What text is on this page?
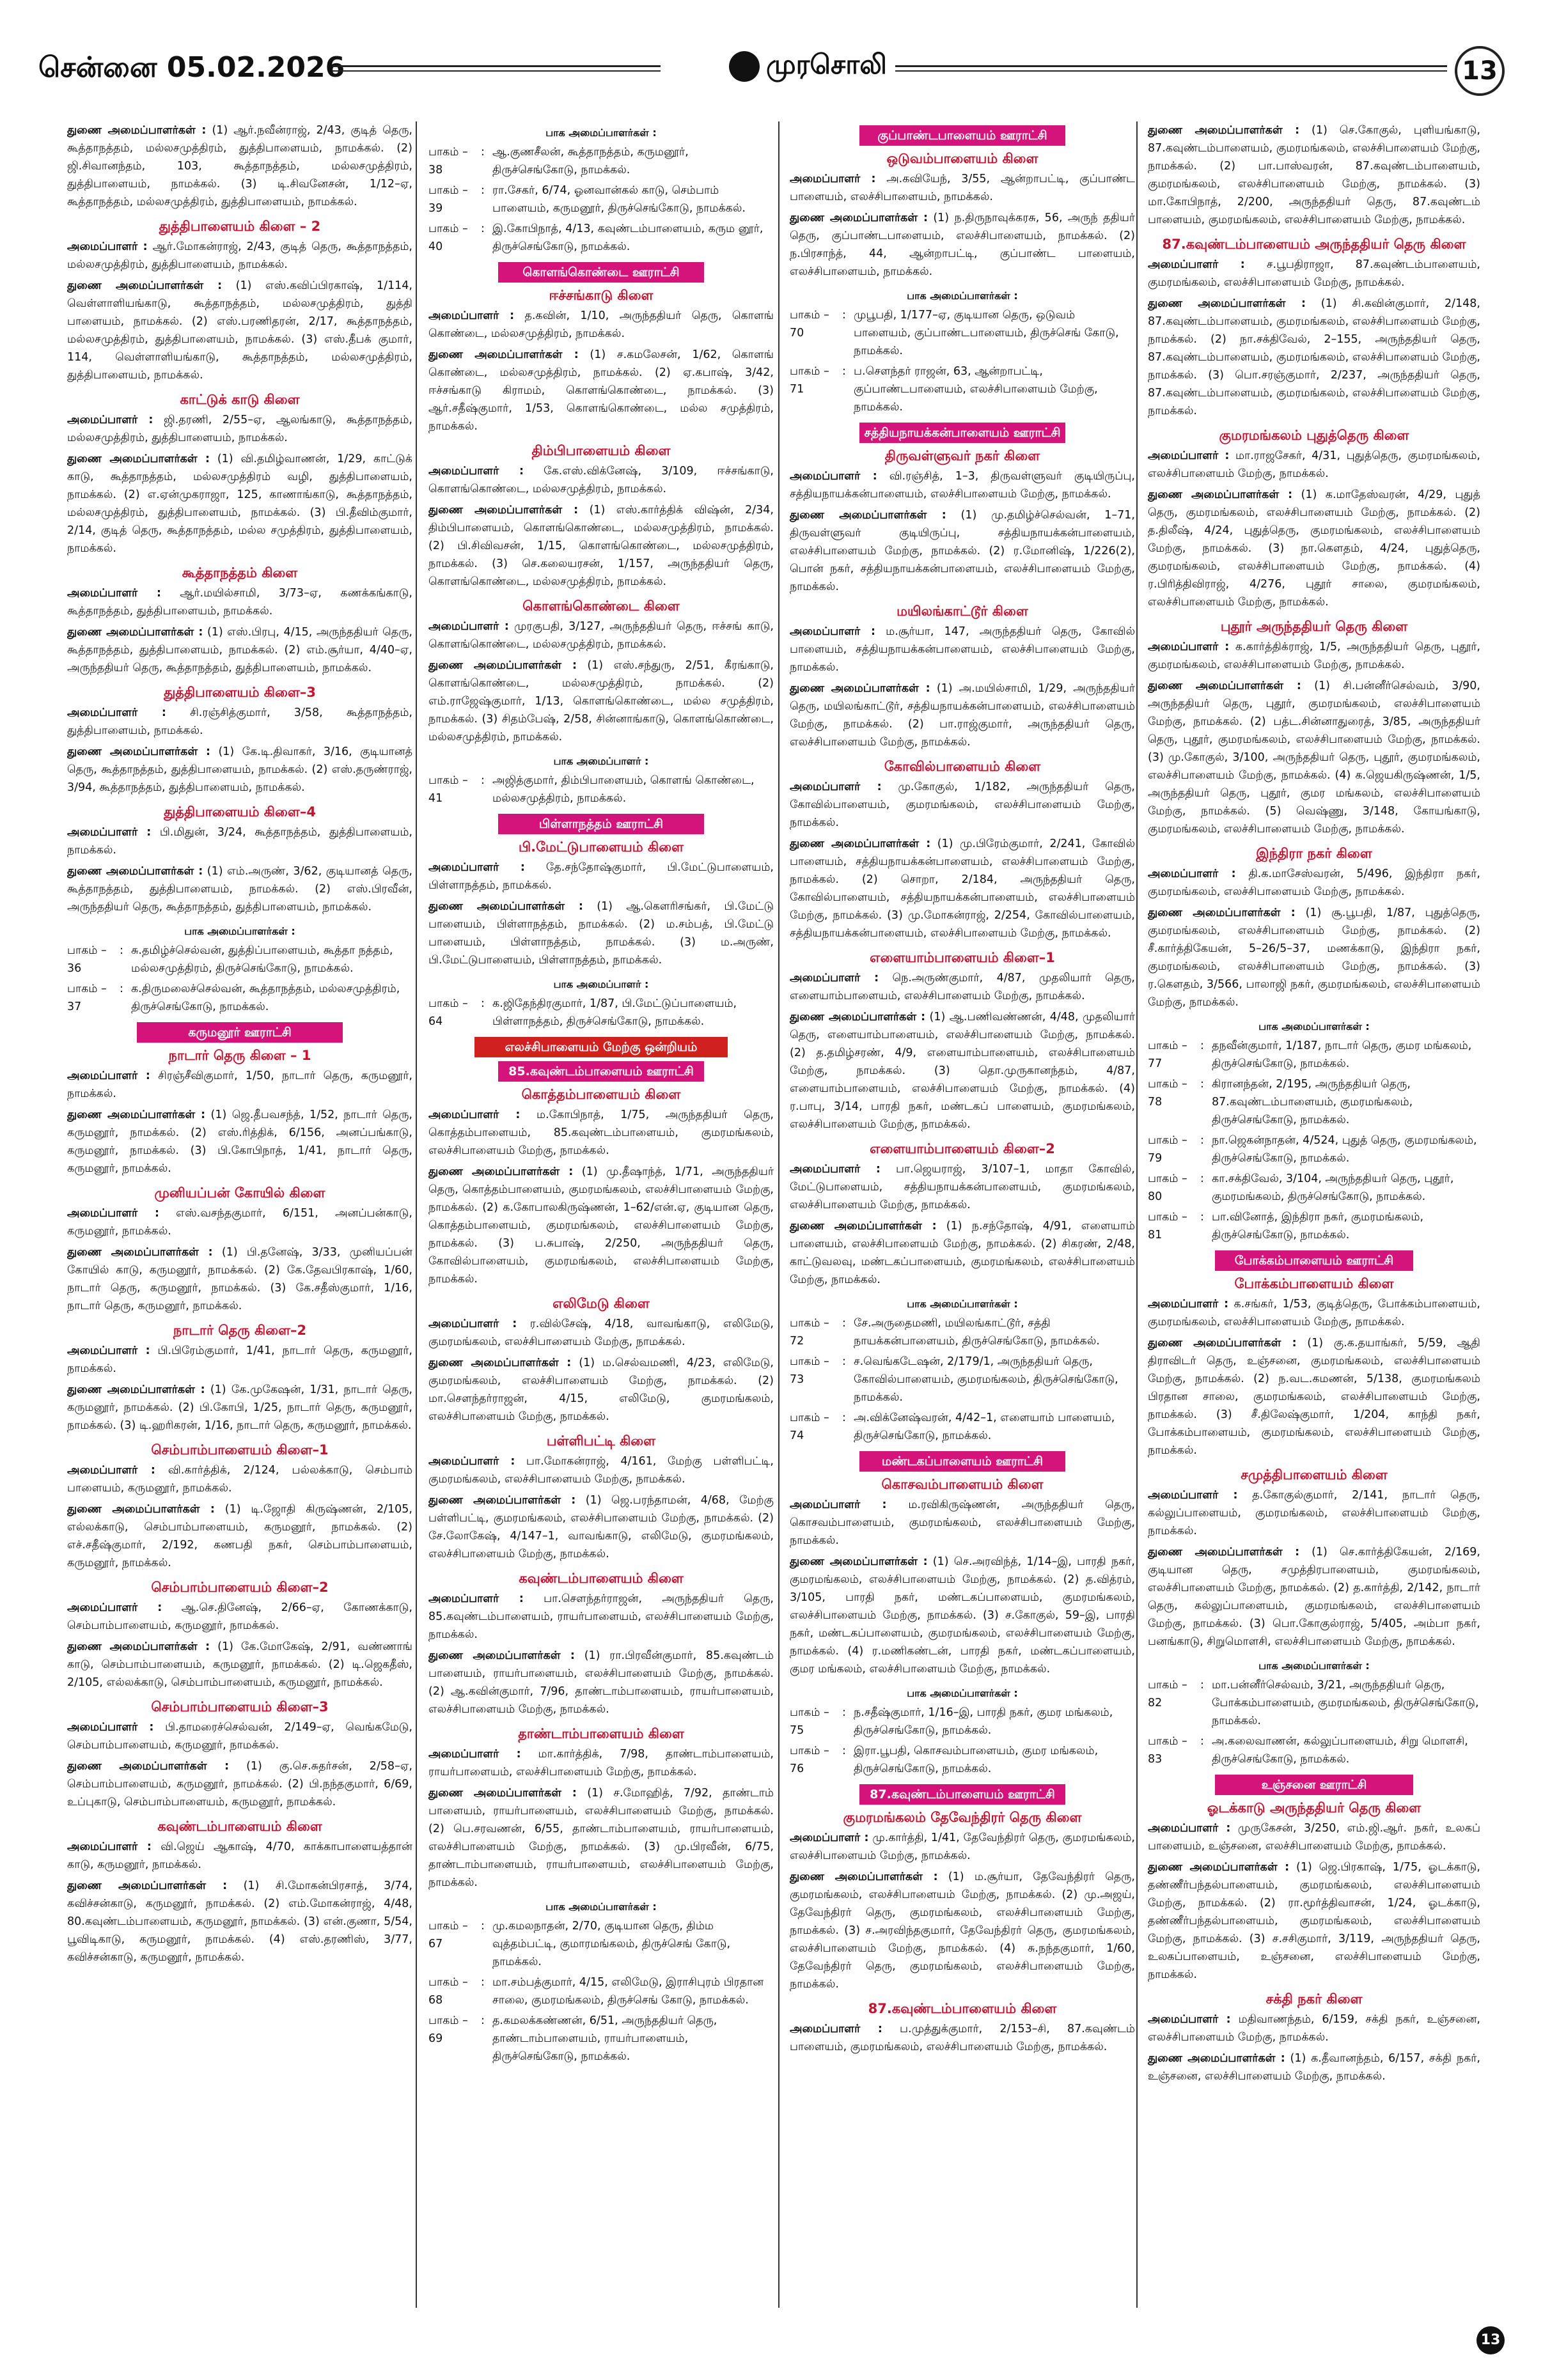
சென்னை 05.02.2026	முரசொலி	13

துணை அமைப்பாளர்கள் : (1) ஆர்.நவீன்ராஜ், 2/43, குடித் தெரு, கூத்தாநத்தம், மல்லசமுத்திரம், துத்திபாளையம், நாமக்கல். (2) ஜி.சிவானந்தம், 103, கூத்தாநத்தம், மல்லசமுத்திரம், துத்திபாளையம், நாமக்கல். (3) டி.சிவனேசன், 1/12–ஏ, கூத்தாநத்தம், மல்லசமுத்திரம், துத்திபாளையம், நாமக்கல்.

துத்திபாளையம் கிளை – 2

அமைப்பாளர் : ஆர்.மோகன்ராஜ், 2/43, குடித் தெரு, கூத்தாநத்தம், மல்லசமுத்திரம், துத்திபாளையம், நாமக்கல்.

துணை அமைப்பாளர்கள் : (1) எஸ்.கவிப்பிரகாஷ், 1/114, வெள்ளாளியங்காடு, கூத்தாநத்தம், மல்லசமுத்திரம், துத்தி பாளையம், நாமக்கல். (2) எஸ்.பரணிதரன், 2/17, கூத்தாநத்தம், மல்லசமுத்திரம், துத்திபாளையம், நாமக்கல். (3) எஸ்.தீபக் குமார், 114, வெள்ளாளியங்காடு, கூத்தாநத்தம், மல்லசமுத்திரம், துத்திபாளையம், நாமக்கல்.

காட்டுக் காடு கிளை

அமைப்பாளர் : ஜி.தரணி, 2/55–ஏ, ஆலங்காடு, கூத்தாநத்தம், மல்லசமுத்திரம், துத்திபாளையம், நாமக்கல்.

துணை அமைப்பாளர்கள் : (1) வி.தமிழ்வாணன், 1/29, காட்டுக் காடு, கூத்தாநத்தம், மல்லசமுத்திரம் வழி, துத்திபாளையம், நாமக்கல். (2) எ.ஏன்முகராஜா, 125, காணாங்காடு, கூத்தாநத்தம், மல்லசமுத்திரம், துத்திபாளையம், நாமக்கல். (3) பி.தீவிம்குமார், 2/14, குடித் தெரு, கூத்தாநத்தம், மல்ல சமுத்திரம், துத்திபாளையம், நாமக்கல்.

கூத்தாநத்தம் கிளை

அமைப்பாளர் : ஆர்.மயில்சாமி, 3/73–ஏ, கணக்கங்காடு, கூத்தாநத்தம், துத்திபாளையம், நாமக்கல்.

துணை அமைப்பாளர்கள் : (1) எஸ்.பிரபு, 4/15, அருந்ததியர் தெரு, கூத்தாநத்தம், துத்திபாளையம், நாமக்கல். (2) எம்.சூர்யா, 4/40–ஏ, அருந்ததியர் தெரு, கூத்தாநத்தம், துத்திபாளையம், நாமக்கல்.

துத்திபாளையம் கிளை–3

அமைப்பாளர் : சி.ரஞ்சித்குமார், 3/58, கூத்தாநத்தம், துத்திபாளையம், நாமக்கல்.

துணை அமைப்பாளர்கள் : (1) கே.டி.திவாகர், 3/16, குடியானத் தெரு, கூத்தாநத்தம், துத்திபாளையம், நாமக்கல். (2) எஸ்.தருண்ராஜ், 3/94, கூத்தாநத்தம், துத்திபாளையம், நாமக்கல்.

துத்திபாளையம் கிளை–4

அமைப்பாளர் : பி.மிதுன், 3/24, கூத்தாநத்தம், துத்திபாளையம், நாமக்கல்.

துணை அமைப்பாளர்கள் : (1) எம்.அருண், 3/62, குடியானத் தெரு, கூத்தாநத்தம், துத்திபாளையம், நாமக்கல். (2) எஸ்.பிரவீன், அருந்ததியர் தெரு, கூத்தாநத்தம், துத்திபாளையம், நாமக்கல்.

பாக அமைப்பாளர்கள் :
பாகம் – 36
: சு.தமிழ்ச்செல்வன், துத்திப்பாளையம், கூத்தா நத்தம், மல்லசமுத்திரம், திருச்செங்கோடு, நாமக்கல்.
பாகம் – 37
: க.திருமலைச்செல்வன், கூத்தாநத்தம், மல்லசமுத்திரம், திருச்செங்கோடு, நாமக்கல்.
கருமனூர் ஊராட்சி
நாடார் தெரு கிளை – 1

அமைப்பாளர் : சிரஞ்சீவிகுமார், 1/50, நாடார் தெரு, கருமனூர், நாமக்கல்.

துணை அமைப்பாளர்கள் : (1) ஜெ.தீபவசந்த், 1/52, நாடார் தெரு, கருமனூர், நாமக்கல். (2) எஸ்.ரித்திக், 6/156, அனப்பங்காடு, கருமனூர், நாமக்கல். (3) பி.கோபிநாத், 1/41, நாடார் தெரு, கருமனூர், நாமக்கல்.

முனியப்பன் கோயில் கிளை

அமைப்பாளர் : எஸ்.வசந்தகுமார், 6/151, அனப்பன்காடு, கருமனூர், நாமக்கல்.

துணை அமைப்பாளர்கள் : (1) பி.தனேஷ், 3/33, முனியப்பன் கோயில் காடு, கருமனூர், நாமக்கல். (2) கே.தேவபிரகாஷ், 1/60, நாடார் தெரு, கருமனூர், நாமக்கல். (3) கே.சதீஸ்குமார், 1/16, நாடார் தெரு, கருமனூர், நாமக்கல்.

நாடார் தெரு கிளை–2

அமைப்பாளர் : பி.பிரேம்குமார், 1/41, நாடார் தெரு, கருமனூர், நாமக்கல்.

துணை அமைப்பாளர்கள் : (1) கே.முகேஷன், 1/31, நாடார் தெரு, கருமனூர், நாமக்கல். (2) பி.கோபி, 1/25, நாடார் தெரு, கருமனூர், நாமக்கல். (3) டி.ஹரிகரன், 1/16, நாடார் தெரு, கருமனூர், நாமக்கல்.

செம்பாம்பாளையம் கிளை–1

அமைப்பாளர் : வி.கார்த்திக், 2/124, பல்லக்காடு, செம்பாம் பாளையம், கருமனூர், நாமக்கல்.

துணை அமைப்பாளர்கள் : (1) டி.ஜோதி கிருஷ்ணன், 2/105, எல்லக்காடு, செம்பாம்பாளையம், கருமனூர், நாமக்கல். (2) எச்.சதீஷ்குமார், 2/192, கணபதி நகர், செம்பாம்பாளையம், கருமனூர், நாமக்கல்.

செம்பாம்பாளையம் கிளை–2

அமைப்பாளர் : ஆ.செ.தினேஷ், 2/66–ஏ, கோணக்காடு, செம்பாம்பாளையம், கருமனூர், நாமக்கல்.

துணை அமைப்பாளர்கள் : (1) கே.மோகேஷ், 2/91, வண்ணாங் காடு, செம்பாம்பாளையம், கருமனூர், நாமக்கல். (2) டி.ஜெகதீஸ், 2/105, எல்லக்காடு, செம்பாம்பாளையம், கருமனூர், நாமக்கல்.

செம்பாம்பாளையம் கிளை–3

அமைப்பாளர் : பி.தாமரைச்செல்வன், 2/149–ஏ, வெங்கமேடு, செம்பாம்பாளையம், கருமனூர், நாமக்கல்.

துணை அமைப்பாளர்கள் : (1) கு.செ.சுதர்சன், 2/58–ஏ, செம்பாம்பாளையம், கருமனூர், நாமக்கல். (2) பி.நந்தகுமார், 6/69, உப்புகாடு, செம்பாம்பாளையம், கருமனூர், நாமக்கல்.

கவுண்டம்பாளையம் கிளை

அமைப்பாளர் : வி.ஜெய் ஆகாஷ், 4/70, காக்காபாளையத்தான் காடு, கருமனூர், நாமக்கல்.

துணை அமைப்பாளர்கள் : (1) சி.மோகன்பிரசாத், 3/74, கவிச்சன்காடு, கருமனூர், நாமக்கல். (2) எம்.மோகன்ராஜ், 4/48, 80.கவுண்டம்பாளையம், கருமனூர், நாமக்கல். (3) என்.குணா, 5/54, பூவிடிகாடு, கருமனூர், நாமக்கல். (4) எஸ்.தரணிஸ், 3/77, கவிச்சன்காடு, கருமனூர், நாமக்கல்.

பாக அமைப்பாளர்கள் :
பாகம் – 38
: ஆ.குணசீலன், கூத்தாநத்தம், கருமனூர், திருச்செங்கோடு, நாமக்கல்.
பாகம் – 39
: ரா.சேகர், 6/74, ஓனவான்கல் காடு, செம்பாம் பாளையம், கருமனூர், திருச்செங்கோடு, நாமக்கல்.
பாகம் – 40
: இ.கோபிநாத், 4/13, கவுண்டம்பாளையம், கரும னூர், திருச்செங்கோடு, நாமக்கல்.
கொளங்கொண்டை ஊராட்சி
ஈச்சங்காடு கிளை

அமைப்பாளர் : த.கவின், 1/10, அருந்ததியர் தெரு, கொளங் கொண்டை, மல்லசமுத்திரம், நாமக்கல்.

துணை அமைப்பாளர்கள் : (1) ச.கமலேசன், 1/62, கொளங் கொண்டை, மல்லசமுத்திரம், நாமக்கல். (2) ஏ.கபாஷ், 3/42, ஈச்சங்காடு கிராமம், கொளங்கொண்டை, நாமக்கல். (3) ஆர்.சதீஷ்குமார், 1/53, கொளங்கொண்டை, மல்ல சமுத்திரம், நாமக்கல்.

திம்பிபாளையம் கிளை

அமைப்பாளர் : கே.எஸ்.விக்னேஷ், 3/109, ஈச்சங்காடு, கொளங்கொண்டை, மல்லசமுத்திரம், நாமக்கல்.

துணை அமைப்பாளர்கள் : (1) எஸ்.கார்த்திக் விஷ்ன், 2/34, திம்பிபாளையம், கொளங்கொண்டை, மல்லசமுத்திரம், நாமக்கல். (2) பி.சிவிவசன், 1/15, கொளங்கொண்டை, மல்லசமுத்திரம், நாமக்கல். (3) செ.கலையரசன், 1/157, அருந்ததியர் தெரு, கொளங்கொண்டை, மல்லசமுத்திரம், நாமக்கல்.

கொளங்கொண்டை கிளை

அமைப்பாளர் : முரகுபதி, 3/127, அருந்ததியர் தெரு, ஈச்சங் காடு, கொளங்கொண்டை, மல்லசமுத்திரம், நாமக்கல்.

துணை அமைப்பாளர்கள் : (1) எஸ்.சந்துரு, 2/51, கீரங்காடு, கொளங்கொண்டை, மல்லசமுத்திரம், நாமக்கல். (2) எம்.ராஜேஷ்குமார், 1/13, கொளங்கொண்டை, மல்ல சமுத்திரம், நாமக்கல். (3) சிதம்பேஷ், 2/58, சின்னாங்காடு, கொளங்கொண்டை, மல்லசமுத்திரம், நாமக்கல்.

பாக அமைப்பாளர் :
பாகம் – 41
: அஜித்குமார், திம்பிபாளையம், கொளங் கொண்டை, மல்லசமுத்திரம், நாமக்கல்.
பிள்ளாநத்தம் ஊராட்சி
பி.மேட்டுபாளையம் கிளை

அமைப்பாளர் : தே.சந்தோஷ்குமார், பி.மேட்டுபாளையம், பிள்ளாநத்தம், நாமக்கல்.

துணை அமைப்பாளர்கள் : (1) ஆ.கௌரிசங்கர், பி.மேட்டு பாளையம், பிள்ளாநத்தம், நாமக்கல். (2) ம.சம்பத், பி.மேட்டு பாளையம், பிள்ளாநத்தம், நாமக்கல். (3) ம.அருண், பி.மேட்டுபாளையம், பிள்ளாநத்தம், நாமக்கல்.

பாக அமைப்பாளர் :
பாகம் – 64
: க.ஜிதேந்திரகுமார், 1/87, பி.மேட்டுப்பாளையம், பிள்ளாநத்தம், திருச்செங்கோடு, நாமக்கல்.
எலச்சிபாளையம் மேற்கு ஒன்றியம்
85.கவுண்டம்பாளையம் ஊராட்சி
கொத்தம்பாளையம் கிளை

அமைப்பாளர் : ம.கோபிநாத், 1/75, அருந்ததியர் தெரு, கொத்தம்பாளையம், 85.கவுண்டம்பாளையம், குமரமங்கலம், எலச்சிபாளையம் மேற்கு, நாமக்கல்.

துணை அமைப்பாளர்கள் : (1) மு.தீஷாந்த், 1/71, அருந்ததியர் தெரு, கொத்தம்பாளையம், குமரமங்கலம், எலச்சிபாளையம் மேற்கு, நாமக்கல். (2) க.கோபாலகிருஷ்ணன், 1–62/என்.ஏ, குடியான தெரு, கொத்தம்பாளையம், குமரமங்கலம், எலச்சிபாளையம் மேற்கு, நாமக்கல். (3) ப.சுபாஷ், 2/250, அருந்ததியர் தெரு, கோவில்பாளையம், குமரமங்கலம், எலச்சிபாளையம் மேற்கு, நாமக்கல்.

எலிமேடு கிளை

அமைப்பாளர் : ர.வில்சேஷ், 4/18, வாவங்காடு, எலிமேடு, குமரமங்கலம், எலச்சிபாளையம் மேற்கு, நாமக்கல்.

துணை அமைப்பாளர்கள் : (1) ம.செல்வமணி, 4/23, எலிமேடு, குமரமங்கலம், எலச்சிபாளையம் மேற்கு, நாமக்கல். (2) மா.சௌந்தர்ராஜன், 4/15, எலிமேடு, குமரமங்கலம், எலச்சிபாளையம் மேற்கு, நாமக்கல்.

பள்ளிபட்டி கிளை

அமைப்பாளர் : பா.மோகன்ராஜ், 4/161, மேற்கு பள்ளிபட்டி, குமரமங்கலம், எலச்சிபாளையம் மேற்கு, நாமக்கல்.

துணை அமைப்பாளர்கள் : (1) ஜெ.பரந்தாமன், 4/68, மேற்கு பள்ளிபட்டி, குமரமங்கலம், எலச்சிபாளையம் மேற்கு, நாமக்கல். (2) சே.லோகேஷ், 4/147–1, வாவங்காடு, எலிமேடு, குமரமங்கலம், எலச்சிபாளையம் மேற்கு, நாமக்கல்.

கவுண்டம்பாளையம் கிளை

அமைப்பாளர் : பா.சௌந்தர்ராஜன், அருந்ததியர் தெரு, 85.கவுண்டம்பாளையம், ராயர்பாளையம், எலச்சிபாளையம் மேற்கு, நாமக்கல்.

துணை அமைப்பாளர்கள் : (1) ரா.பிரவீன்குமார், 85.கவுண்டம் பாளையம், ராயர்பாளையம், எலச்சிபாளையம் மேற்கு, நாமக்கல். (2) ஆ.கவின்குமார், 7/96, தாண்டாம்பாளையம், ராயர்பாளையம், எலச்சிபாளையம் மேற்கு, நாமக்கல்.

தாண்டாம்பாளையம் கிளை

அமைப்பாளர் : மா.கார்த்திக், 7/98, தாண்டாம்பாளையம், ராயர்பாளையம், எலச்சிபாளையம் மேற்கு, நாமக்கல்.

துணை அமைப்பாளர்கள் : (1) ச.மோஹித், 7/92, தாண்டாம் பாளையம், ராயர்பாளையம், எலச்சிபாளையம் மேற்கு, நாமக்கல். (2) பெ.சரவணன், 6/55, தாண்டாம்பாளையம், ராயர்பாளையம், எலச்சிபாளையம் மேற்கு, நாமக்கல். (3) மு.பிரவீன், 6/75, தாண்டாம்பாளையம், ராயர்பாளையம், எலச்சிபாளையம் மேற்கு, நாமக்கல்.

பாக அமைப்பாளர்கள் :
பாகம் – 67
: மு.கமலநாதன், 2/70, குடியான தெரு, திம்ம வுத்தம்பட்டி, குமாரமங்கலம், திருச்செங் கோடு, நாமக்கல்.
பாகம் – 68
: மா.சம்பத்குமார், 4/15, எலிமேடு, இராசிபுரம் பிரதான சாலை, குமரமங்கலம், திருச்செங் கோடு, நாமக்கல்.
பாகம் – 69
: த.கமலக்கண்ணன், 6/51, அருந்ததியர் தெரு, தாண்டாம்பாளையம், ராயர்பாளையம், திருச்செங்கோடு, நாமக்கல்.
குப்பாண்டபாளையம் ஊராட்சி
ஒடுவம்பாளையம் கிளை

அமைப்பாளர் : அ.கவியேந், 3/55, ஆன்றாபட்டி, குப்பாண்ட பாளையம், எலச்சிபாளையம், நாமக்கல்.

துணை அமைப்பாளர்கள் : (1) ந.திருநாவுக்கரசு, 56, அருந் ததியர் தெரு, குப்பாண்டபாளையம், எலச்சிபாளையம், நாமக்கல். (2) ந.பிரசாந்த், 44, ஆன்றாபட்டி, குப்பாண்ட பாளையம், எலச்சிபாளையம், நாமக்கல்.

பாக அமைப்பாளர்கள் :
பாகம் – 70
: முபூபதி, 1/177–ஏ, குடியான தெரு, ஒடுவம் பாளையம், குப்பாண்டபாளையம், திருச்செங் கோடு, நாமக்கல்.
பாகம் – 71
: ப.செளந்தர் ராஜன், 63, ஆன்றாபட்டி, குப்பாண்டபாளையம், எலச்சிபாளையம் மேற்கு, நாமக்கல்.
சத்தியநாயக்கன்பாளையம் ஊராட்சி
திருவள்ளுவர் நகர் கிளை

அமைப்பாளர் : வி.ரஞ்சித், 1–3, திருவள்ளுவர் குடியிருப்பு, சத்தியநாயக்கன்பாளையம், எலச்சிபாளையம் மேற்கு, நாமக்கல்.

துணை அமைப்பாளர்கள் : (1) மு.தமிழ்ச்செல்வன், 1–71, திருவள்ளுவர் குடியிருப்பு, சத்தியநாயக்கன்பாளையம், எலச்சிபாளையம் மேற்கு, நாமக்கல். (2) ர.மோனிஷ், 1/226(2), பொன் நகர், சத்தியநாயக்கன்பாளையம், எலச்சிபாளையம் மேற்கு, நாமக்கல்.

மயிலங்காட்டூர் கிளை

அமைப்பாளர் : ம.சூர்யா, 147, அருந்ததியர் தெரு, கோவில் பாளையம், சத்தியநாயக்கன்பாளையம், எலச்சிபாளையம் மேற்கு, நாமக்கல்.

துணை அமைப்பாளர்கள் : (1) அ.மயில்சாமி, 1/29, அருந்ததியர் தெரு, மயிலங்காட்டூர், சத்தியநாயக்கன்பாளையம், எலச்சிபாளையம் மேற்கு, நாமக்கல். (2) பா.ராஜ்குமார், அருந்ததியர் தெரு, எலச்சிபாளையம் மேற்கு, நாமக்கல்.

கோவில்பாளையம் கிளை

அமைப்பாளர் : மு.கோகுல், 1/182, அருந்ததியர் தெரு, கோவில்பாளையம், குமரமங்கலம், எலச்சிபாளையம் மேற்கு, நாமக்கல்.

துணை அமைப்பாளர்கள் : (1) மு.பிரேம்குமார், 2/241, கோவில் பாளையம், சத்தியநாயக்கன்பாளையம், எலச்சிபாளையம் மேற்கு, நாமக்கல். (2) சொறா, 2/184, அருந்ததியர் தெரு, கோவில்பாளையம், சத்தியநாயக்கன்பாளையம், எலச்சிபாளையம் மேற்கு, நாமக்கல். (3) மு.மோகன்ராஜ், 2/254, கோவில்பாளையம், சத்தியநாயக்கன்பாளையம், எலச்சிபாளையம் மேற்கு, நாமக்கல்.

எளையாம்பாளையம் கிளை–1

அமைப்பாளர் : நெ.அருண்குமார், 4/87, முதலியார் தெரு, எளையாம்பாளையம், எலச்சிபாளையம் மேற்கு, நாமக்கல்.

துணை அமைப்பாளர்கள் : (1) ஆ.பணிவண்ணன், 4/48, முதலியார் தெரு, எளையாம்பாளையம், எலச்சிபாளையம் மேற்கு, நாமக்கல். (2) த.தமிழ்சரண், 4/9, எளையாம்பாளையம், எலச்சிபாளையம் மேற்கு, நாமக்கல். (3) தொ.முருகானந்தம், 4/87, எளையாம்பாளையம், எலச்சிபாளையம் மேற்கு, நாமக்கல். (4) ர.பாபு, 3/14, பாரதி நகர், மண்டகப் பாளையம், குமரமங்கலம், எலச்சிபாளையம் மேற்கு, நாமக்கல்.

எளையாம்பாளையம் கிளை–2

அமைப்பாளர் : பா.ஜெயராஜ், 3/107–1, மாதா கோவில், மேட்டுபாளையம், சத்தியநாயக்கன்பாளையம், குமரமங்கலம், எலச்சிபாளையம் மேற்கு, நாமக்கல்.

துணை அமைப்பாளர்கள் : (1) ந.சந்தோஷ், 4/91, எளையாம் பாளையம், எலச்சிபாளையம் மேற்கு, நாமக்கல். (2) சிகரண், 2/48, காட்டுவலவு, மண்டகப்பாளையம், குமரமங்கலம், எலச்சிபாளையம் மேற்கு, நாமக்கல்.

பாக அமைப்பாளர்கள் :
பாகம் – 72
: சே.அருதைமணி, மயிலங்காட்டூர், சத்தி நாயக்கன்பாளையம், திருச்செங்கோடு, நாமக்கல்.
பாகம் – 73
: ச.வெங்கடேஷன், 2/179/1, அருந்ததியர் தெரு, கோவில்பாளையம், குமரமங்கலம், திருச்செங்கோடு, நாமக்கல்.
பாகம் – 74
: அ.விக்னேஷ்வரன், 4/42–1, எளையாம் பாளையம், திருச்செங்கோடு, நாமக்கல்.
மண்டகப்பாளையம் ஊராட்சி
கொசவம்பாளையம் கிளை

அமைப்பாளர் : ம.ரவிகிருஷ்ணன், அருந்ததியர் தெரு, கொசவம்பாளையம், குமரமங்கலம், எலச்சிபாளையம் மேற்கு, நாமக்கல்.

துணை அமைப்பாளர்கள் : (1) செ.அரவிந்த், 1/14–இ, பாரதி நகர், குமரமங்கலம், எலச்சிபாளையம் மேற்கு, நாமக்கல். (2) த.வித்ரம், 3/105, பாரதி நகர், மண்டகப்பாளையம், குமரமங்கலம், எலச்சிபாளையம் மேற்கு, நாமக்கல். (3) ச.கோகுல், 59–இ, பாரதி நகர், மண்டகப்பாளையம், குமரமங்கலம், எலச்சிபாளையம் மேற்கு, நாமக்கல். (4) ர.மணிகண்டன், பாரதி நகர், மண்டகப்பாளையம், குமர மங்கலம், எலச்சிபாளையம் மேற்கு, நாமக்கல்.

பாக அமைப்பாளர்கள் :
பாகம் – 75
: ந.சதீஷ்குமார், 1/16–இ, பாரதி நகர், குமர மங்கலம், திருச்செங்கோடு, நாமக்கல்.
பாகம் – 76
: இரா.பூபதி, கொசவம்பாளையம், குமர மங்கலம், திருச்செங்கோடு, நாமக்கல்.
87.கவுண்டம்பாளையம் ஊராட்சி
குமரமங்கலம் தேவேந்திரர் தெரு கிளை

அமைப்பாளர் : மு.கார்த்தி, 1/41, தேவேந்திரர் தெரு, குமரமங்கலம், எலச்சிபாளையம் மேற்கு, நாமக்கல்.

துணை அமைப்பாளர்கள் : (1) ம.சூர்யா, தேவேந்திரர் தெரு, குமரமங்கலம், எலச்சிபாளையம் மேற்கு, நாமக்கல். (2) மு.அஜய், தேவேந்திரர் தெரு, குமரமங்கலம், எலச்சிபாளையம் மேற்கு, நாமக்கல். (3) ச.அரவிந்தகுமார், தேவேந்திரர் தெரு, குமரமங்கலம், எலச்சிபாளையம் மேற்கு, நாமக்கல். (4) சு.நந்தகுமார், 1/60, தேவேந்திரர் தெரு, குமரமங்கலம், எலச்சிபாளையம் மேற்கு, நாமக்கல்.

87.கவுண்டம்பாளையம் கிளை

அமைப்பாளர் : ப.முத்துக்குமார், 2/153–சி, 87.கவுண்டம் பாளையம், குமரமங்கலம், எலச்சிபாளையம் மேற்கு, நாமக்கல்.

துணை அமைப்பாளர்கள் : (1) செ.கோகுல், புளியங்காடு, 87.கவுண்டம்பாளையம், குமரமங்கலம், எலச்சிபாளையம் மேற்கு, நாமக்கல். (2) பா.பாஸ்வரன், 87.கவுண்டம்பாளையம், குமரமங்கலம், எலச்சிபாளையம் மேற்கு, நாமக்கல். (3) மா.கோபிநாத், 2/200, அருந்ததியர் தெரு, 87.கவுண்டம் பாளையம், குமரமங்கலம், எலச்சிபாளையம் மேற்கு, நாமக்கல்.

87.கவுண்டம்பாளையம் அருந்ததியர் தெரு கிளை

அமைப்பாளர் : ச.பூபதிராஜா, 87.கவுண்டம்பாளையம், குமரமங்கலம், எலச்சிபாளையம் மேற்கு, நாமக்கல்.

துணை அமைப்பாளர்கள் : (1) சி.கவின்குமார், 2/148, 87.கவுண்டம்பாளையம், குமரமங்கலம், எலச்சிபாளையம் மேற்கு, நாமக்கல். (2) நா.சக்திவேல், 2–155, அருந்ததியர் தெரு, 87.கவுண்டம்பாளையம், குமரமங்கலம், எலச்சிபாளையம் மேற்கு, நாமக்கல். (3) பொ.சரஞ்குமார், 2/237, அருந்ததியர் தெரு, 87.கவுண்டம்பாளையம், குமரமங்கலம், எலச்சிபாளையம் மேற்கு, நாமக்கல்.

குமரமங்கலம் புதுத்தெரு கிளை

அமைப்பாளர் : மா.ராஜசேகர், 4/31, புதுத்தெரு, குமரமங்கலம், எலச்சிபாளையம் மேற்கு, நாமக்கல்.

துணை அமைப்பாளர்கள் : (1) க.மாதேஸ்வரன், 4/29, புதுத் தெரு, குமரமங்கலம், எலச்சிபாளையம் மேற்கு, நாமக்கல். (2) த.திலீஷ், 4/24, புதுத்தெரு, குமரமங்கலம், எலச்சிபாளையம் மேற்கு, நாமக்கல். (3) நா.கௌதம், 4/24, புதுத்தெரு, குமரமங்கலம், எலச்சிபாளையம் மேற்கு, நாமக்கல். (4) ர.பிரித்திவிராஜ், 4/276, புதூர் சாலை, குமரமங்கலம், எலச்சிபாளையம் மேற்கு, நாமக்கல்.

புதூர் அருந்ததியர் தெரு கிளை

அமைப்பாளர் : க.கார்த்திக்ராஜ், 1/5, அருந்ததியர் தெரு, புதூர், குமரமங்கலம், எலச்சிபாளையம் மேற்கு, நாமக்கல்.

துணை அமைப்பாளர்கள் : (1) சி.பன்னீர்செல்வம், 3/90, அருந்ததியர் தெரு, புதூர், குமரமங்கலம், எலச்சிபாளையம் மேற்கு, நாமக்கல். (2) பத்ட.சின்னாதுரைத், 3/85, அருந்ததியர் தெரு, புதூர், குமரமங்கலம், எலச்சிபாளையம் மேற்கு, நாமக்கல். (3) மு.கோகுல், 3/100, அருந்ததியர் தெரு, புதூர், குமரமங்கலம், எலச்சிபாளையம் மேற்கு, நாமக்கல். (4) க.ஜெயகிருஷ்ணன், 1/5, அருந்ததியர் தெரு, புதூர், குமர மங்கலம், எலச்சிபாளையம் மேற்கு, நாமக்கல். (5) வெஷ்ணு, 3/148, கோயங்காடு, குமரமங்கலம், எலச்சிபாளையம் மேற்கு, நாமக்கல்.

இந்திரா நகர் கிளை

அமைப்பாளர் : தி.க.மாசேஸ்வரன், 5/496, இந்திரா நகர், குமரமங்கலம், எலச்சிபாளையம் மேற்கு, நாமக்கல்.

துணை அமைப்பாளர்கள் : (1) சூ.பூபதி, 1/87, புதுத்தெரு, குமரமங்கலம், எலச்சிபாளையம் மேற்கு, நாமக்கல். (2) சீ.கார்த்திகேயன், 5–26/5–37, மணக்காடு, இந்திரா நகர், குமரமங்கலம், எலச்சிபாளையம் மேற்கு, நாமக்கல். (3) ர.கெளதம், 3/566, பாலாஜி நகர், குமரமங்கலம், எலச்சிபாளையம் மேற்கு, நாமக்கல்.

பாக அமைப்பாளர்கள் :
பாகம் – 77
: தநவீன்குமார், 1/187, நாடார் தெரு, குமர மங்கலம், திருச்செங்கோடு, நாமக்கல்.
பாகம் – 78
: கிரானந்தன், 2/195, அருந்ததியர் தெரு, 87.கவுண்டம்பாளையம், குமரமங்கலம், திருச்செங்கோடு, நாமக்கல்.
பாகம் – 79
: நா.ஜெகன்நாதன், 4/524, புதுத் தெரு, குமரமங்கலம், திருச்செங்கோடு, நாமக்கல்.
பாகம் – 80
: கா.சக்திவேல், 3/104, அருந்ததியர் தெரு, புதூர், குமரமங்கலம், திருச்செங்கோடு, நாமக்கல்.
பாகம் – 81
: பா.வினோத், இந்திரா நகர், குமரமங்கலம், திருச்செங்கோடு, நாமக்கல்.
போக்கம்பாளையம் ஊராட்சி
போக்கம்பாளையம் கிளை

அமைப்பாளர் : க.சங்கர், 1/53, குடித்தெரு, போக்கம்பாளையம், குமரமங்கலம், எலச்சிபாளையம் மேற்கு, நாமக்கல்.

துணை அமைப்பாளர்கள் : (1) கு.க.தயாங்கர், 5/59, ஆதி திராவிடர் தெரு, உஞ்சனை, குமரமங்கலம், எலச்சிபாளையம் மேற்கு, நாமக்கல். (2) ந.வட.கமணன், 5/138, குமரமங்கலம் பிரதான சாலை, குமரமங்கலம், எலச்சிபாளையம் மேற்கு, நாமக்கல். (3) சீ.திலேஷ்குமார், 1/204, காந்தி நகர், போக்கம்பாளையம், குமரமங்கலம், எலச்சிபாளையம் மேற்கு, நாமக்கல்.

சமுத்திபாளையம் கிளை

அமைப்பாளர் : த.கோகுல்குமார், 2/141, நாடார் தெரு, கல்லுப்பாளையம், குமரமங்கலம், எலச்சிபாளையம் மேற்கு, நாமக்கல்.

துணை அமைப்பாளர்கள் : (1) செ.கார்த்திகேயன், 2/169, குடியான தெரு, சமுத்திரபாளையம், குமரமங்கலம், எலச்சிபாளையம் மேற்கு, நாமக்கல். (2) த.கார்த்தி, 2/142, நாடார் தெரு, கல்லுப்பாளையம், குமரமங்கலம், எலச்சிபாளையம் மேற்கு, நாமக்கல். (3) பொ.கோகுல்ராஜ், 5/405, அம்பா நகர், பனங்காடு, சிறுமொளசி, எலச்சிபாளையம் மேற்கு, நாமக்கல்.

பாக அமைப்பாளர்கள் :
பாகம் – 82
: மா.பன்னீர்செல்வம், 3/21, அருந்ததியர் தெரு, போக்கம்பாளையம், குமரமங்கலம், திருச்செங்கோடு, நாமக்கல்.
பாகம் – 83
: அ.கலைவாணன், கல்லுப்பாளையம், சிறு மொளசி, திருச்செங்கோடு, நாமக்கல்.
உஞ்சனை ஊராட்சி
ஓடக்காடு அருந்ததியர் தெரு கிளை

அமைப்பாளர் : முருகேசன், 3/250, எம்.ஜி.ஆர். நகர், உலகப் பாளையம், உஞ்சனை, எலச்சிபாளையம் மேற்கு, நாமக்கல்.

துணை அமைப்பாளர்கள் : (1) ஜெ.பிரகாஷ், 1/75, ஓடக்காடு, தண்ணீர்பந்தல்பாளையம், குமரமங்கலம், எலச்சிபாளையம் மேற்கு, நாமக்கல். (2) ரா.மூர்த்திவாசன், 1/24, ஓடக்காடு, தண்ணீர்பந்தல்பாளையம், குமரமங்கலம், எலச்சிபாளையம் மேற்கு, நாமக்கல். (3) ச.சசிகுமார், 3/119, அருந்ததியர் தெரு, உலகப்பாளையம், உஞ்சனை, எலச்சிபாளையம் மேற்கு, நாமக்கல்.

சக்தி நகர் கிளை

அமைப்பாளர் : மதிவாணந்தம், 6/159, சக்தி நகர், உஞ்சனை, எலச்சிபாளையம் மேற்கு, நாமக்கல்.

துணை அமைப்பாளர்கள் : (1) க.தீவானந்தம், 6/157, சக்தி நகர், உஞ்சனை, எலச்சிபாளையம் மேற்கு, நாமக்கல்.

13
